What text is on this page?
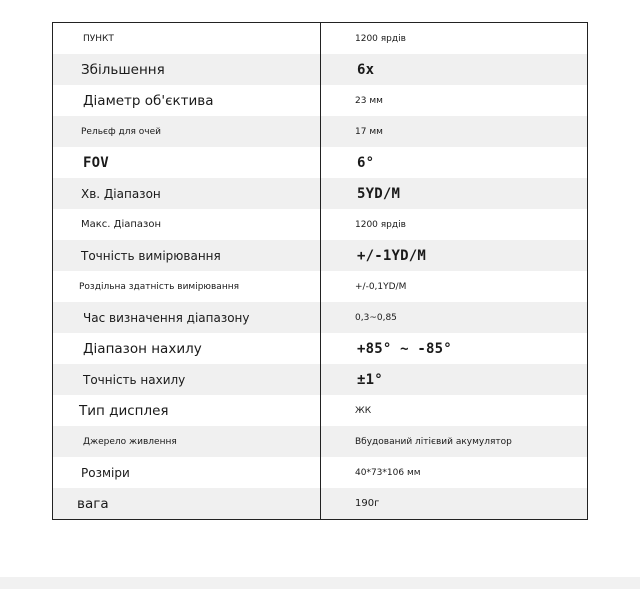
ПУНКТ	1200 ярдів
Збільшення	6x
Діаметр об'єктива	23 мм
Рельєф для очей	17 мм
FOV	6°
Хв. Діапазон	5YD/M
Макс. Діапазон	1200 ярдів
Точність вимірювання	+/-1YD/M
Роздільна здатність вимірювання	+/-0,1YD/M
Час визначення діапазону	0,3~0,85
Діапазон нахилу	+85° ~ -85°
Точність нахилу	±1°
Тип дисплея	ЖК
Джерело живлення	Вбудований літієвий акумулятор
Розміри	40*73*106 мм
вага	190г
